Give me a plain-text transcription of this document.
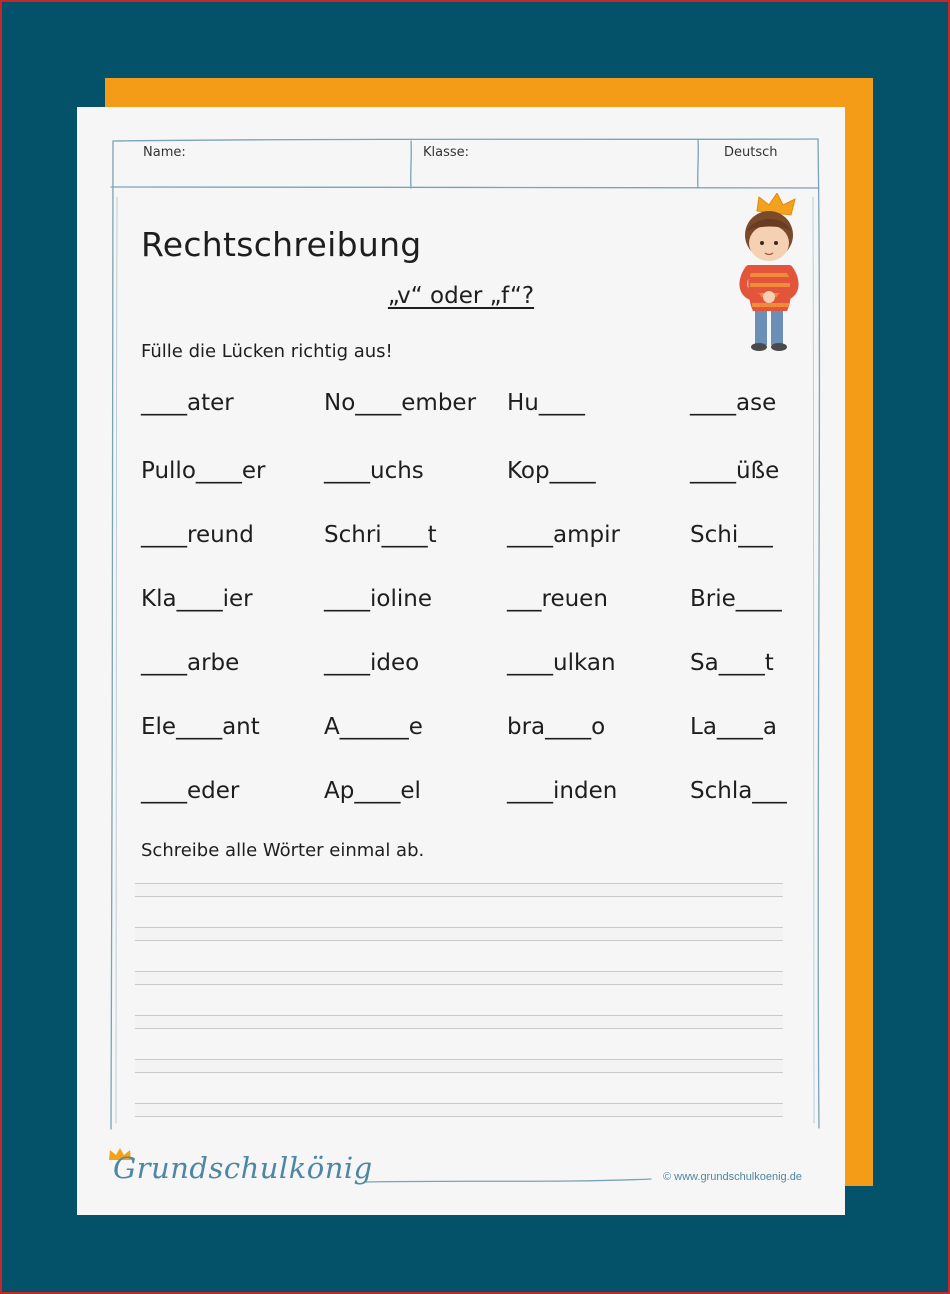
Name:	Klasse:	Deutsch
Rechtschreibung
„v“ oder „f“?
Fülle die Lücken richtig aus!
____ater	No____ember Hu____	____ase
Pullo____er	____uchs	Kop____	____üße
____reund	Schri____t	____ampir	Schi___
Kla____ier	____ioline	___reuen	Brie____
____arbe	____ideo	____ulkan	Sa____t
Ele____ant	A______e	bra____o	La____a
____eder	Ap____el	____inden	Schla___
Schreibe alle Wörter einmal ab.
Grundschulkönig	© www.grundschulkoenig.de
